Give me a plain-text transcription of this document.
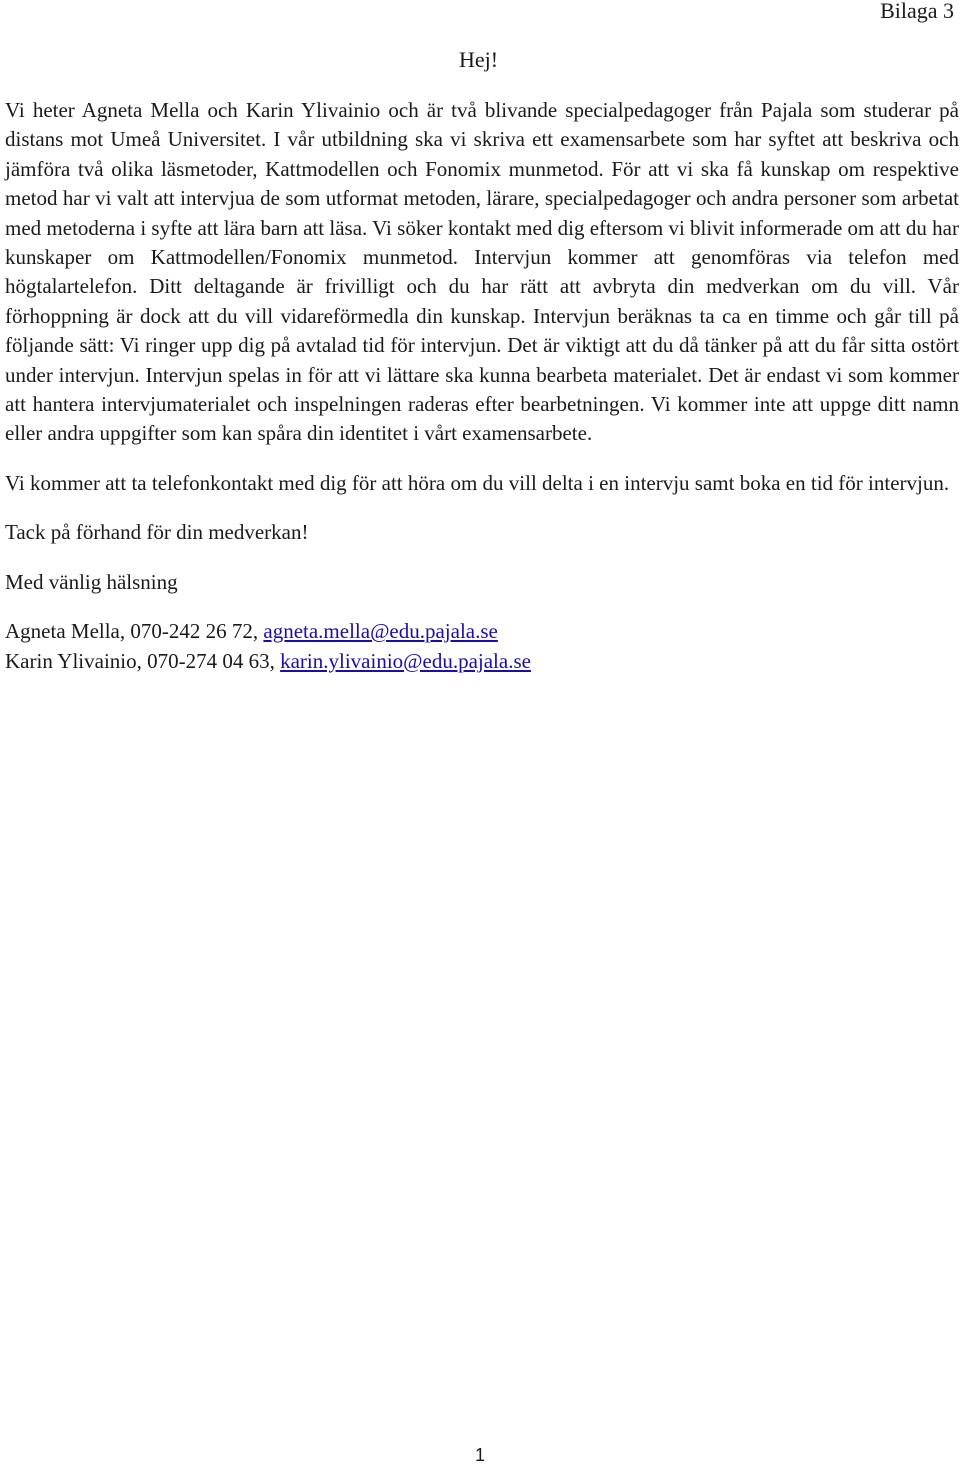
Bilaga 3
Hej!

Vi heter Agneta Mella och Karin Ylivainio och är två blivande specialpedagoger från Pajala som studerar på distans mot Umeå Universitet. I vår utbildning ska vi skriva ett examensarbete som har syftet att beskriva och jämföra två olika läsmetoder, Kattmodellen och Fonomix munmetod. För att vi ska få kunskap om respektive metod har vi valt att intervjua de som utformat metoden, lärare, specialpedagoger och andra personer som arbetat med metoderna i syfte att lära barn att läsa. Vi söker kontakt med dig eftersom vi blivit informerade om att du har kunskaper om Kattmodellen/Fonomix munmetod. Intervjun kommer att genomföras via telefon med högtalartelefon. Ditt deltagande är frivilligt och du har rätt att avbryta din medverkan om du vill. Vår förhoppning är dock att du vill vidareförmedla din kunskap. Intervjun beräknas ta ca en timme och går till på följande sätt: Vi ringer upp dig på avtalad tid för intervjun. Det är viktigt att du då tänker på att du får sitta ostört under intervjun. Intervjun spelas in för att vi lättare ska kunna bearbeta materialet. Det är endast vi som kommer att hantera intervjumaterialet och inspelningen raderas efter bearbetningen. Vi kommer inte att uppge ditt namn eller andra uppgifter som kan spåra din identitet i vårt examensarbete.

Vi kommer att ta telefonkontakt med dig för att höra om du vill delta i en intervju samt boka en tid för intervjun.

Tack på förhand för din medverkan!

Med vänlig hälsning

Agneta Mella, 070-242 26 72, agneta.mella@edu.pajala.se
Karin Ylivainio, 070-274 04 63, karin.ylivainio@edu.pajala.se
1
